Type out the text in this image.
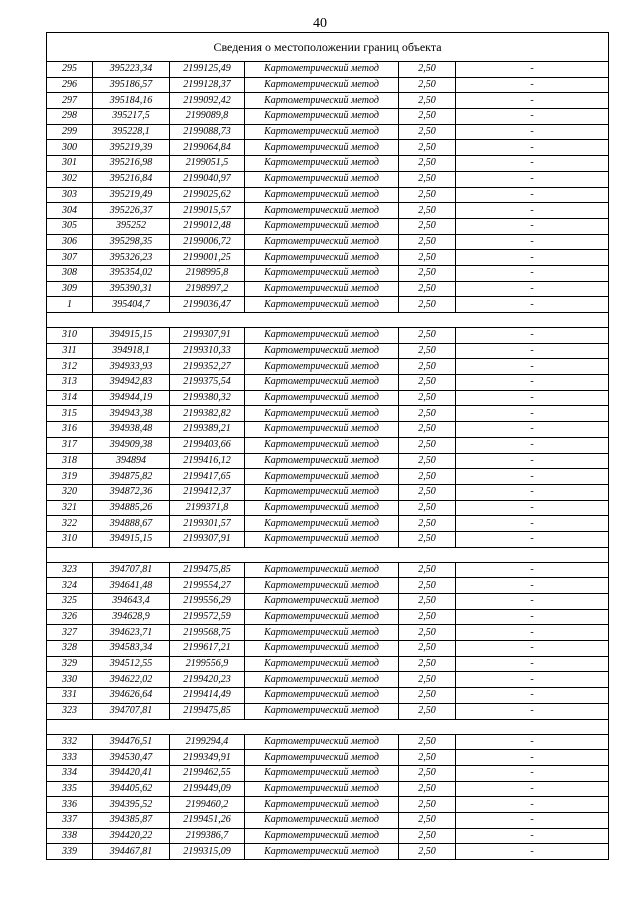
40
Сведения о местоположении границ объекта					
295	395223,34	2199125,49	Картометрический метод	2,50	-
296	395186,57	2199128,37	Картометрический метод	2,50	-
297	395184,16	2199092,42	Картометрический метод	2,50	-
298	395217,5	2199089,8	Картометрический метод	2,50	-
299	395228,1	2199088,73	Картометрический метод	2,50	-
300	395219,39	2199064,84	Картометрический метод	2,50	-
301	395216,98	2199051,5	Картометрический метод	2,50	-
302	395216,84	2199040,97	Картометрический метод	2,50	-
303	395219,49	2199025,62	Картометрический метод	2,50	-
304	395226,37	2199015,57	Картометрический метод	2,50	-
305	395252	2199012,48	Картометрический метод	2,50	-
306	395298,35	2199006,72	Картометрический метод	2,50	-
307	395326,23	2199001,25	Картометрический метод	2,50	-
308	395354,02	2198995,8	Картометрический метод	2,50	-
309	395390,31	2198997,2	Картометрический метод	2,50	-
1	395404,7	2199036,47	Картометрический метод	2,50	-

310	394915,15	2199307,91	Картометрический метод	2,50	-
311	394918,1	2199310,33	Картометрический метод	2,50	-
312	394933,93	2199352,27	Картометрический метод	2,50	-
313	394942,83	2199375,54	Картометрический метод	2,50	-
314	394944,19	2199380,32	Картометрический метод	2,50	-
315	394943,38	2199382,82	Картометрический метод	2,50	-
316	394938,48	2199389,21	Картометрический метод	2,50	-
317	394909,38	2199403,66	Картометрический метод	2,50	-
318	394894	2199416,12	Картометрический метод	2,50	-
319	394875,82	2199417,65	Картометрический метод	2,50	-
320	394872,36	2199412,37	Картометрический метод	2,50	-
321	394885,26	2199371,8	Картометрический метод	2,50	-
322	394888,67	2199301,57	Картометрический метод	2,50	-
310	394915,15	2199307,91	Картометрический метод	2,50	-

323	394707,81	2199475,85	Картометрический метод	2,50	-
324	394641,48	2199554,27	Картометрический метод	2,50	-
325	394643,4	2199556,29	Картометрический метод	2,50	-
326	394628,9	2199572,59	Картометрический метод	2,50	-
327	394623,71	2199568,75	Картометрический метод	2,50	-
328	394583,34	2199617,21	Картометрический метод	2,50	-
329	394512,55	2199556,9	Картометрический метод	2,50	-
330	394622,02	2199420,23	Картометрический метод	2,50	-
331	394626,64	2199414,49	Картометрический метод	2,50	-
323	394707,81	2199475,85	Картометрический метод	2,50	-

332	394476,51	2199294,4	Картометрический метод	2,50	-
333	394530,47	2199349,91	Картометрический метод	2,50	-
334	394420,41	2199462,55	Картометрический метод	2,50	-
335	394405,62	2199449,09	Картометрический метод	2,50	-
336	394395,52	2199460,2	Картометрический метод	2,50	-
337	394385,87	2199451,26	Картометрический метод	2,50	-
338	394420,22	2199386,7	Картометрический метод	2,50	-
339	394467,81	2199315,09	Картометрический метод	2,50	-
